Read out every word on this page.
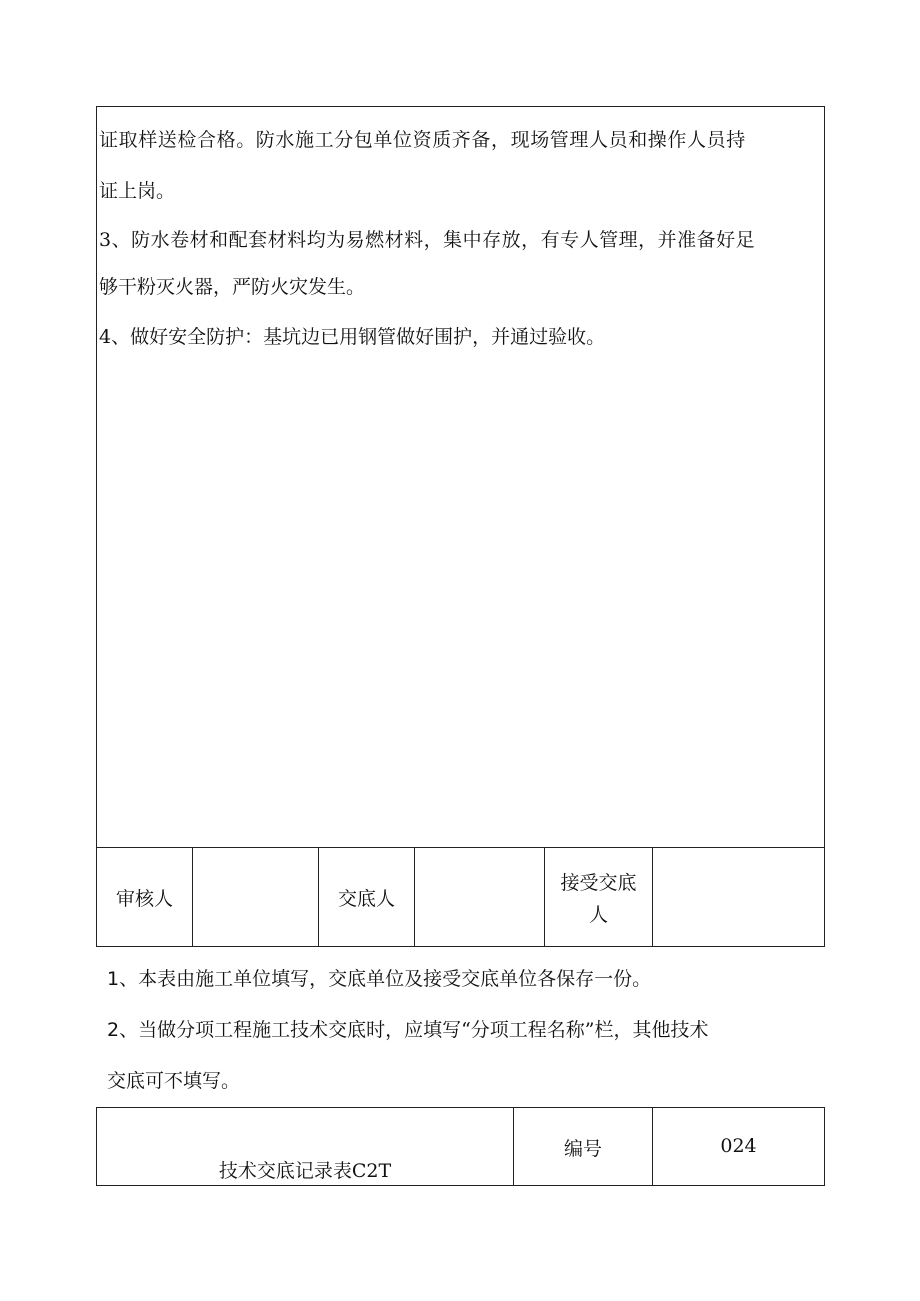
证取样送检合格。防水施工分包单位资质齐备，现场管理人员和操作人员持
证上岗。
3、防水卷材和配套材料均为易燃材料，集中存放，有专人管理，并准备好足
够干粉灭火器，严防火灾发生。
4、做好安全防护：基坑边已用钢管做好围护，并通过验收。
审核人	交底人
接受交底
人
1、本表由施工单位填写，交底单位及接受交底单位各保存一份。
2、当做分项工程施工技术交底时，应填写“分项工程名称”栏，其他技术
交底可不填写。
技术交底记录表C2T
编号	024
